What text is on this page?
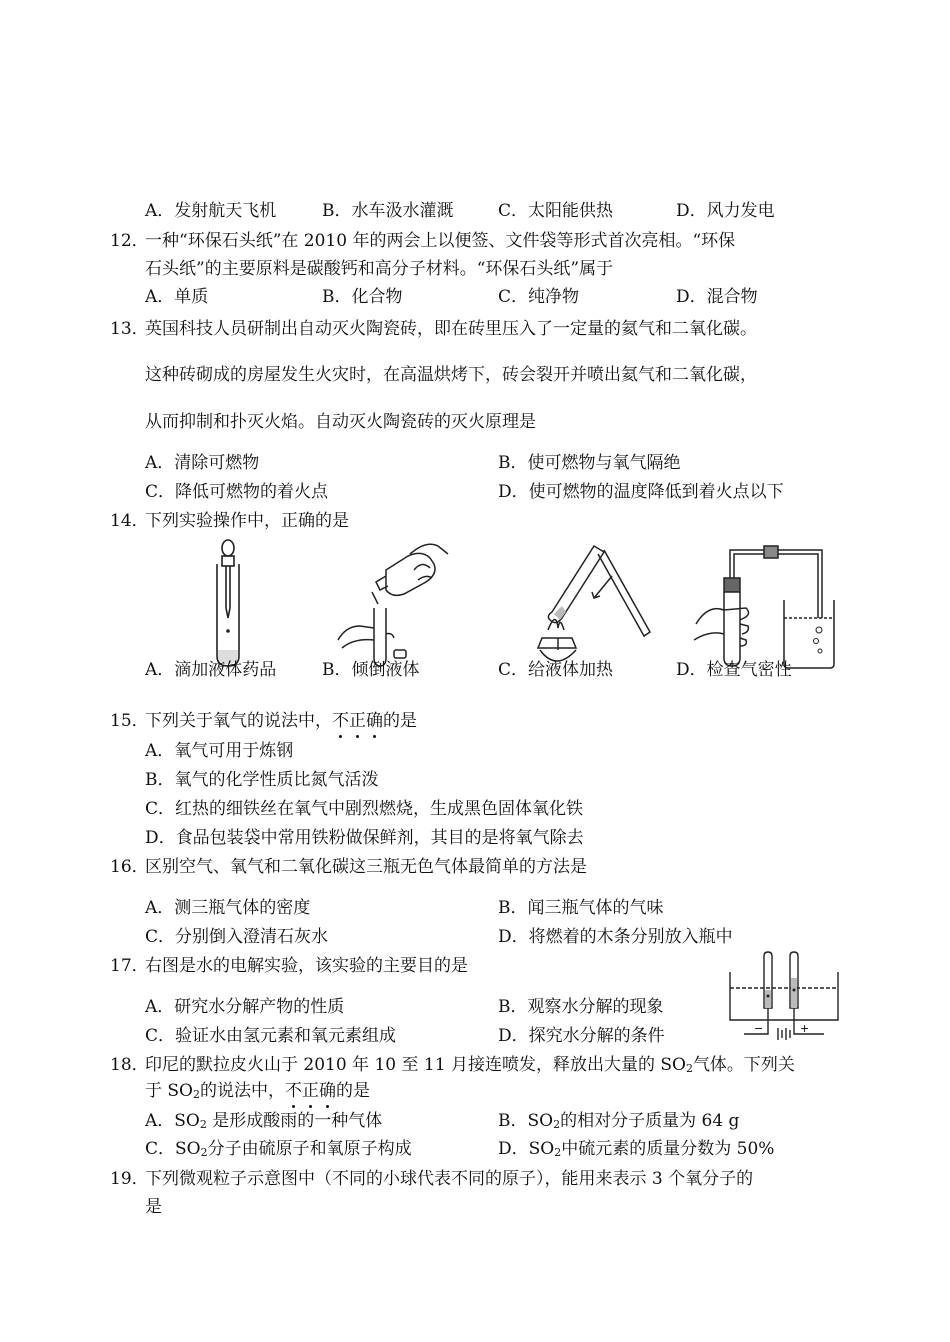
A．发射航天飞机	B．水车汲水灌溉	C．太阳能供热	D．风力发电
12．
一种“环保石头纸”在 2010 年的两会上以便签、文件袋等形式首次亮相。“环保
石头纸”的主要原料是碳酸钙和高分子材料。“环保石头纸”属于
A．单质	B．化合物	C．纯净物	D．混合物
13．
英国科技人员研制出自动灭火陶瓷砖，即在砖里压入了一定量的氦气和二氧化碳。
这种砖砌成的房屋发生火灾时，在高温烘烤下，砖会裂开并喷出氦气和二氧化碳，
从而抑制和扑灭火焰。自动灭火陶瓷砖的灭火原理是
A．清除可燃物	B．使可燃物与氧气隔绝
C．降低可燃物的着火点	D．使可燃物的温度降低到着火点以下
14．
下列实验操作中，正确的是
A．滴加液体药品	B．倾倒液体	C．给液体加热	D．检查气密性
15．
下列关于氧气的说法中，不正确的是
A．氧气可用于炼钢
B．氧气的化学性质比氮气活泼
C．红热的细铁丝在氧气中剧烈燃烧，生成黑色固体氧化铁
D．食品包装袋中常用铁粉做保鲜剂，其目的是将氧气除去
16．
区别空气、氧气和二氧化碳这三瓶无色气体最简单的方法是
A．测三瓶气体的密度	B．闻三瓶气体的气味
C．分别倒入澄清石灰水	D．将燃着的木条分别放入瓶中
17．
右图是水的电解实验，该实验的主要目的是
A．研究水分解产物的性质	B．观察水分解的现象
C．验证水由氢元素和氧元素组成	D．探究水分解的条件	−	+
18．
印尼的默拉皮火山于 2010 年 10 至 11 月接连喷发，释放出大量的 $SO_2$气体。下列关
于 $SO_2$的说法中，不正确的是
A．$SO_2$ 是形成酸雨的一种气体	B．$SO_2$的相对分子质量为 64 g
C．$SO_2$分子由硫原子和氧原子构成	D．$SO_2$中硫元素的质量分数为 50%
19．
下列微观粒子示意图中（不同的小球代表不同的原子），能用来表示 3 个氧分子的
是
